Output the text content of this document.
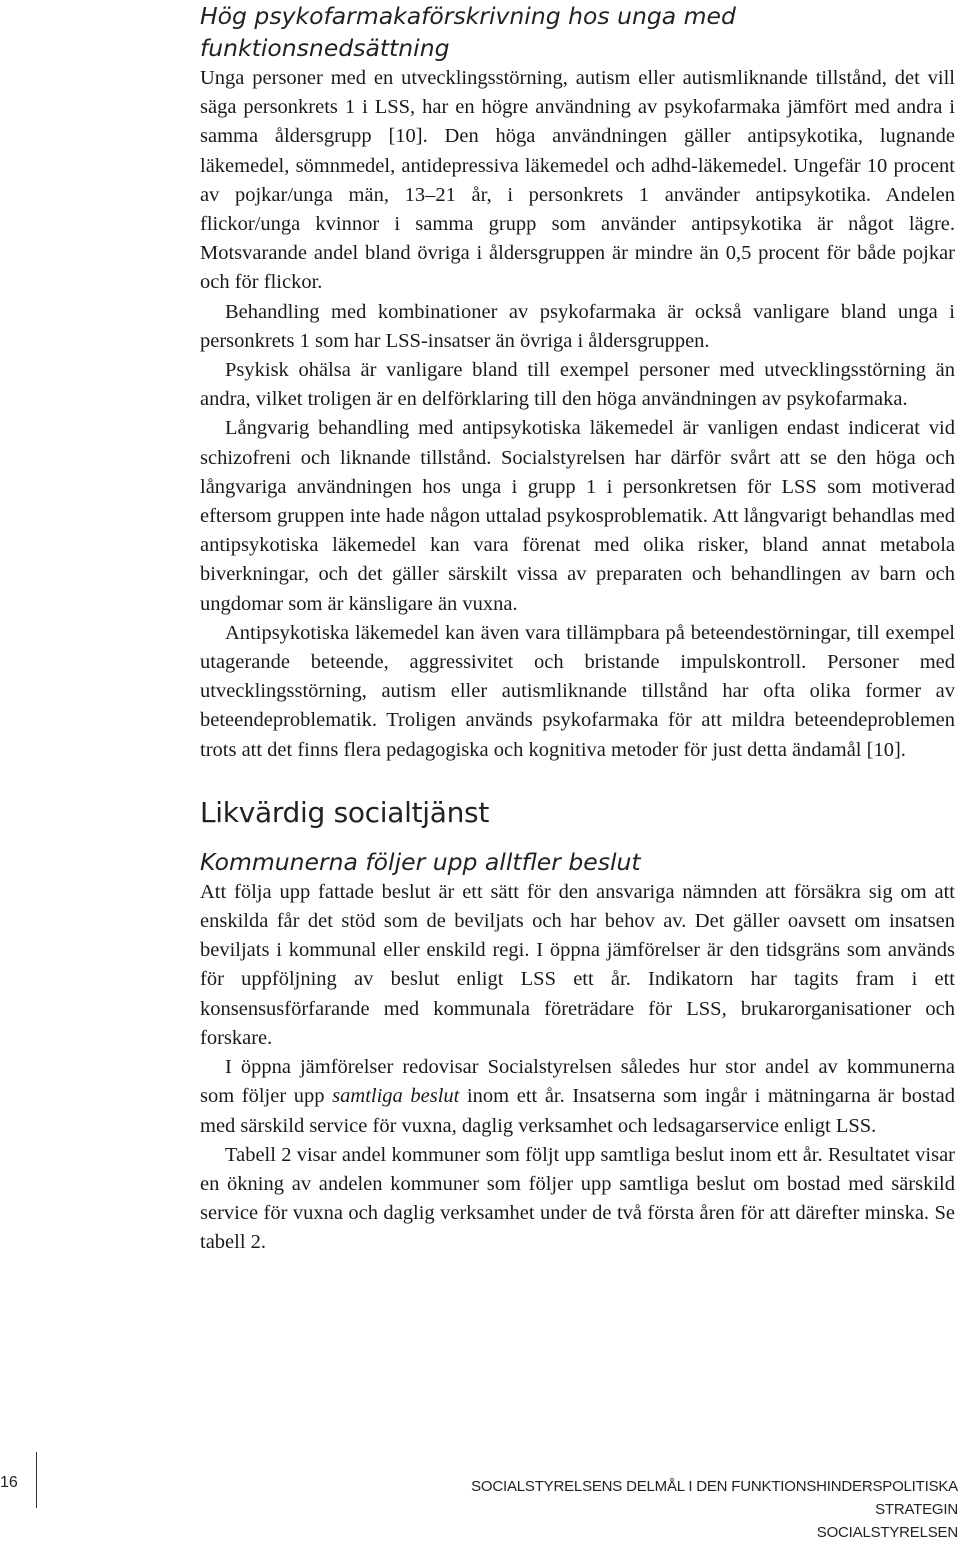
Hög psykofarmakaförskrivning hos unga med funktionsnedsättning

Unga personer med en utvecklingsstörning, autism eller autismliknande tillstånd, det vill säga personkrets 1 i LSS, har en högre användning av psykofarmaka jämfört med andra i samma åldersgrupp [10]. Den höga användningen gäller antipsykotika, lugnande läkemedel, sömnmedel, antidepressiva läkemedel och adhd-läkemedel. Ungefär 10 procent av pojkar/unga män, 13–21 år, i personkrets 1 använder antipsykotika. Andelen flickor/unga kvinnor i samma grupp som använder antipsykotika är något lägre. Motsvarande andel bland övriga i åldersgruppen är mindre än 0,5 procent för både pojkar och för flickor.

Behandling med kombinationer av psykofarmaka är också vanligare bland unga i personkrets 1 som har LSS-insatser än övriga i åldersgruppen.

Psykisk ohälsa är vanligare bland till exempel personer med utvecklingsstörning än andra, vilket troligen är en delförklaring till den höga användningen av psykofarmaka.

Långvarig behandling med antipsykotiska läkemedel är vanligen endast indicerat vid schizofreni och liknande tillstånd. Socialstyrelsen har därför svårt att se den höga och långvariga användningen hos unga i grupp 1 i personkretsen för LSS som motiverad eftersom gruppen inte hade någon uttalad psykosproblematik. Att långvarigt behandlas med antipsykotiska läkemedel kan vara förenat med olika risker, bland annat metabola biverkningar, och det gäller särskilt vissa av preparaten och behandlingen av barn och ungdomar som är känsligare än vuxna.

Antipsykotiska läkemedel kan även vara tillämpbara på beteendestörningar, till exempel utagerande beteende, aggressivitet och bristande impulskontroll. Personer med utvecklingsstörning, autism eller autismliknande tillstånd har ofta olika former av beteendeproblematik. Troligen används psykofarmaka för att mildra beteendeproblemen trots att det finns flera pedagogiska och kognitiva metoder för just detta ändamål [10].

Likvärdig socialtjänst
Kommunerna följer upp alltfler beslut

Att följa upp fattade beslut är ett sätt för den ansvariga nämnden att försäkra sig om att enskilda får det stöd som de beviljats och har behov av. Det gäller oavsett om insatsen beviljats i kommunal eller enskild regi. I öppna jämförelser är den tidsgräns som används för uppföljning av beslut enligt LSS ett år. Indikatorn har tagits fram i ett konsensusförfarande med kommunala företrädare för LSS, brukarorganisationer och forskare.

I öppna jämförelser redovisar Socialstyrelsen således hur stor andel av kommunerna som följer upp samtliga beslut inom ett år. Insatserna som ingår i mätningarna är bostad med särskild service för vuxna, daglig verksamhet och ledsagarservice enligt LSS.

Tabell 2 visar andel kommuner som följt upp samtliga beslut inom ett år. Resultatet visar en ökning av andelen kommuner som följer upp samtliga beslut om bostad med särskild service för vuxna och daglig verksamhet under de två första åren för att därefter minska. Se tabell 2.

16	SOCIALSTYRELSENS DELMÅL I DEN FUNKTIONSHINDERSPOLITISKA STRATEGIN
SOCIALSTYRELSEN
